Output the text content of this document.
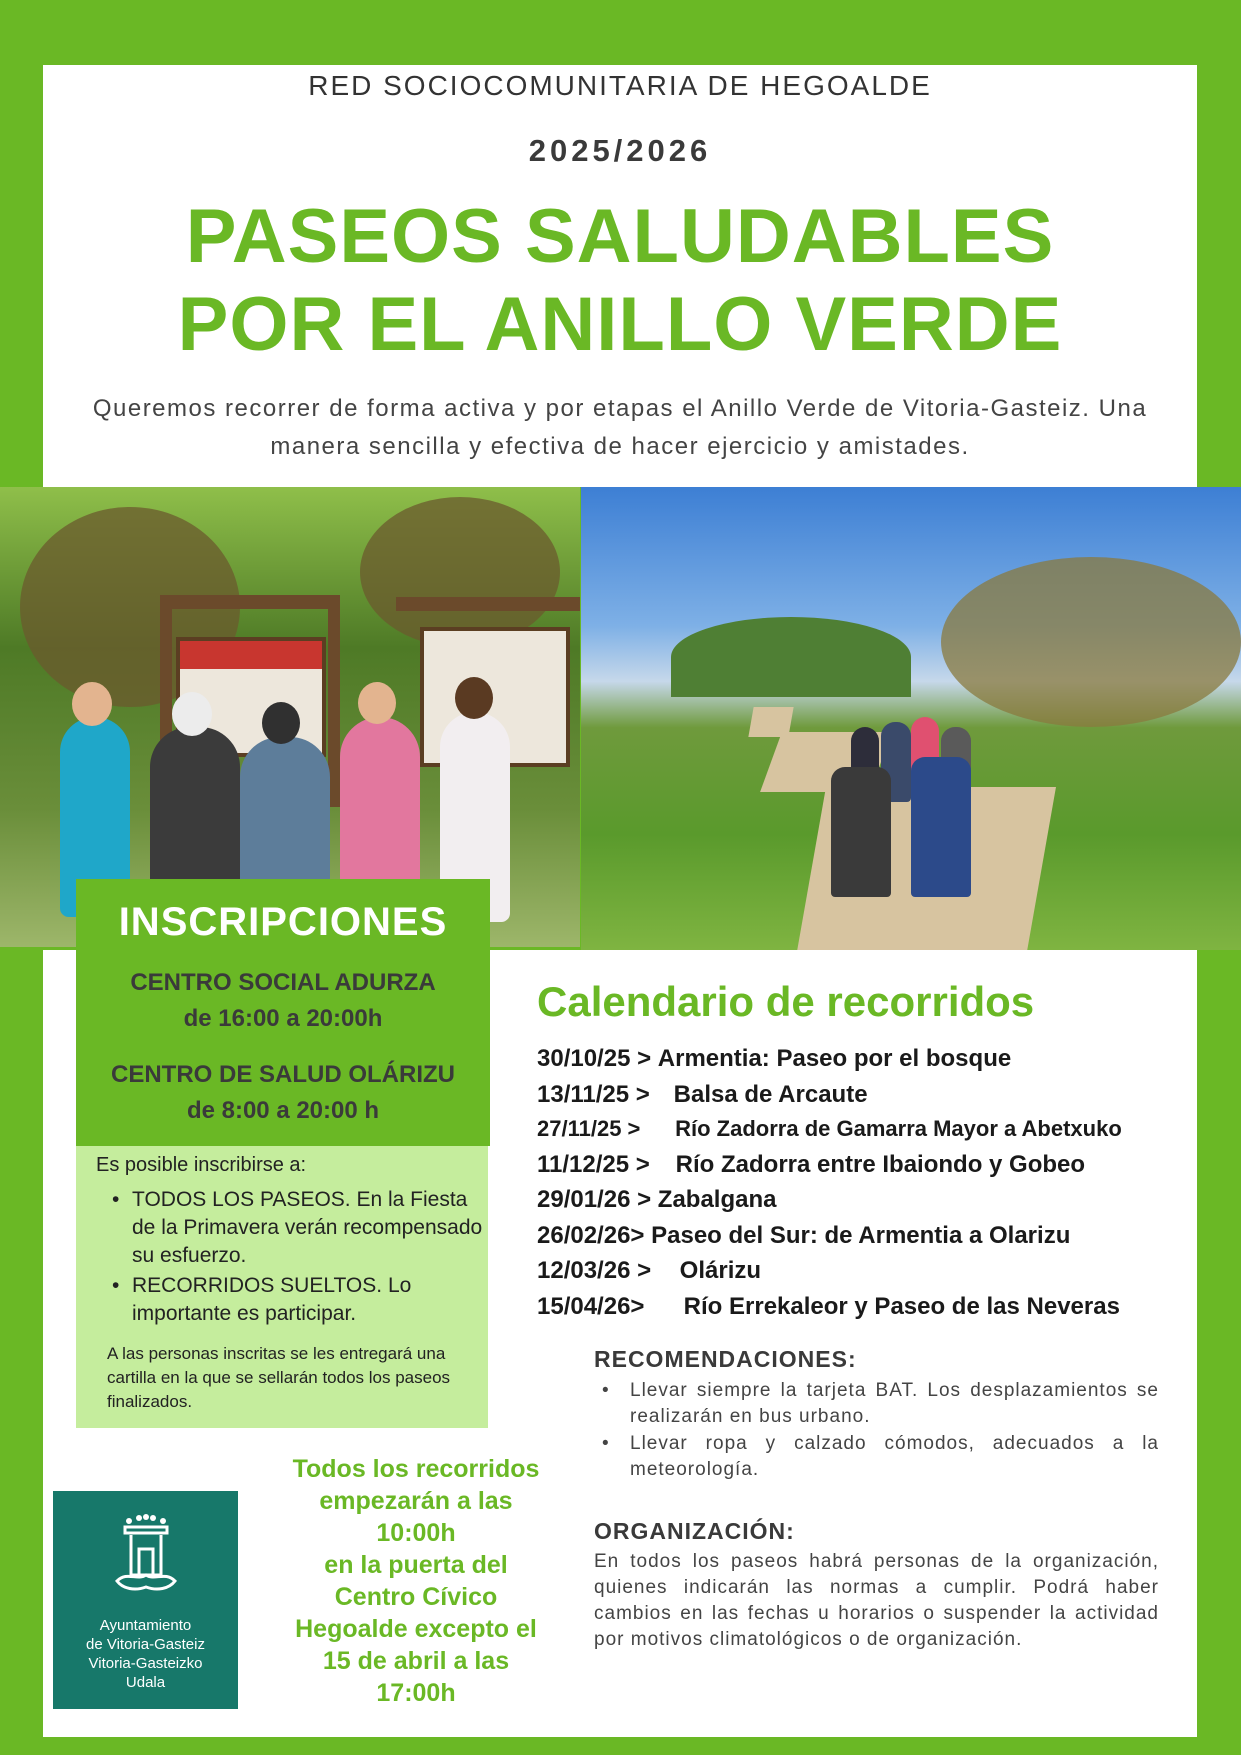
RED SOCIOCOMUNITARIA DE HEGOALDE
2025/2026
PASEOS SALUDABLES
POR EL ANILLO VERDE
Queremos recorrer de forma activa y por etapas el Anillo Verde de Vitoria-Gasteiz. Una manera sencilla y efectiva de hacer ejercicio y amistades.
INSCRIPCIONES
CENTRO SOCIAL ADURZA
de 16:00 a 20:00h
CENTRO DE SALUD OLÁRIZU
de 8:00 a 20:00 h
Es posible inscribirse a:
• TODOS LOS PASEOS. En la Fiesta de la Primavera verán recompensado su esfuerzo.
• RECORRIDOS SUELTOS. Lo importante es participar.
A las personas inscritas se les entregará una cartilla en la que se sellarán todos los paseos finalizados.
Ayuntamiento
de Vitoria-Gasteiz
Vitoria-Gasteizko
Udala
Todos los recorridos
empezarán a las
10:00h
en la puerta del
Centro Cívico
Hegoalde excepto el
15 de abril a las
17:00h
Calendario de recorridos
30/10/25 > Armentia: Paseo por el bosque
13/11/25 > Balsa de Arcaute
27/11/25 > Río Zadorra de Gamarra Mayor a Abetxuko
11/12/25 > Río Zadorra entre Ibaiondo y Gobeo
29/01/26 > Zabalgana
26/02/26> Paseo del Sur: de Armentia a Olarizu
12/03/26 > Olárizu
15/04/26> Río Errekaleor y Paseo de las Neveras
RECOMENDACIONES:
• Llevar siempre la tarjeta BAT. Los desplazamientos se realizarán en bus urbano.
• Llevar ropa y calzado cómodos, adecuados a la meteorología.
ORGANIZACIÓN:
En todos los paseos habrá personas de la organización, quienes indicarán las normas a cumplir. Podrá haber cambios en las fechas u horarios o suspender la actividad por motivos climatológicos o de organización.
